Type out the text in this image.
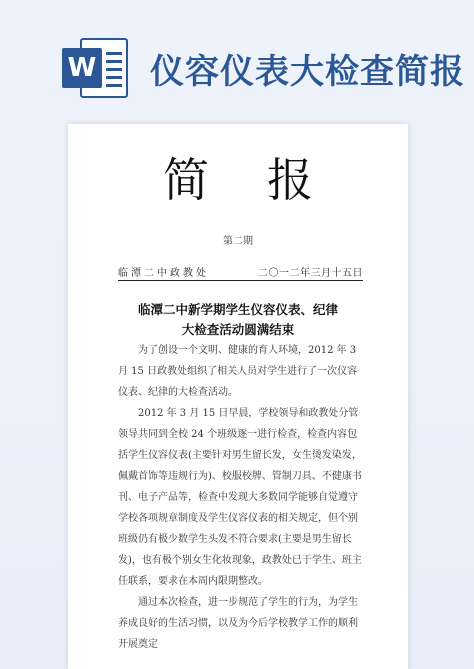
W 仪容仪表大检查简报
简报
第二期
临潭二中政教处	二〇一二年三月十五日
临潭二中新学期学生仪容仪表、纪律
大检查活动圆满结束

为了创设一个文明、健康的育人环境，2012 年 3 月 15 日政教处组织了相关人员对学生进行了一次仪容仪表、纪律的大检查活动。

2012 年 3 月 15 日早晨，学校领导和政教处分管领导共同到全校 24 个班级逐一进行检查，检查内容包括学生仪容仪表(主要针对男生留长发，女生烫发染发，佩戴首饰等违规行为)、校服校牌、管制刀具、不健康书刊、电子产品等，检查中发现大多数同学能够自觉遵守学校各项规章制度及学生仪容仪表的相关规定，但个别班级仍有极少数学生头发不符合要求(主要是男生留长发)，也有极个别女生化妆现象，政教处已于学生、班主任联系，要求在本周内限期整改。

通过本次检查，进一步规范了学生的行为，为学生养成良好的生活习惯，以及为今后学校教学工作的顺利开展奠定
